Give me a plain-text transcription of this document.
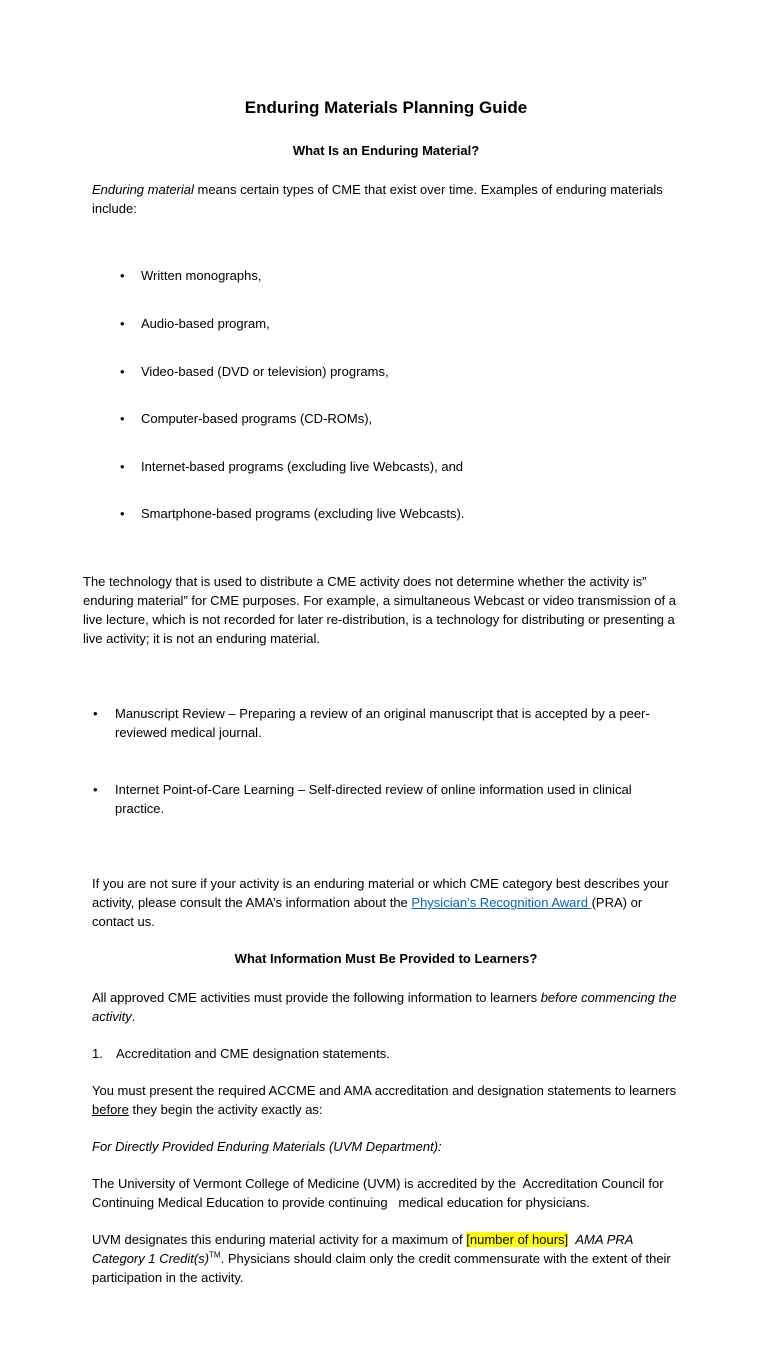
Enduring Materials Planning Guide
What Is an Enduring Material?

Enduring material means certain types of CME that exist over time. Examples of enduring materials include:

• Written monographs,

• Audio-based program,

• Video-based (DVD or television) programs,

• Computer-based programs (CD-ROMs),

• Internet-based programs (excluding live Webcasts), and

• Smartphone-based programs (excluding live Webcasts).

The technology that is used to distribute a CME activity does not determine whether the activity is” enduring material” for CME purposes. For example, a simultaneous Webcast or video transmission of a live lecture, which is not recorded for later re-distribution, is a technology for distributing or presenting a live activity; it is not an enduring material.

• Manuscript Review – Preparing a review of an original manuscript that is accepted by a peer-reviewed medical journal.

• Internet Point-of-Care Learning – Self-directed review of online information used in clinical practice.

If you are not sure if your activity is an enduring material or which CME category best describes your activity, please consult the AMA’s information about the Physician’s Recognition Award (PRA) or contact us.

What Information Must Be Provided to Learners?

All approved CME activities must provide the following information to learners before commencing the activity.

1. Accreditation and CME designation statements.

You must present the required ACCME and AMA accreditation and designation statements to learners before they begin the activity exactly as:

For Directly Provided Enduring Materials (UVM Department):

The University of Vermont College of Medicine (UVM) is accredited by the  Accreditation Council for Continuing Medical Education to provide continuing   medical education for physicians.

UVM designates this enduring material activity for a maximum of [number of hours] AMA PRA Category 1 Credit(s)™. Physicians should claim only the credit commensurate with the extent of their participation in the activity.
